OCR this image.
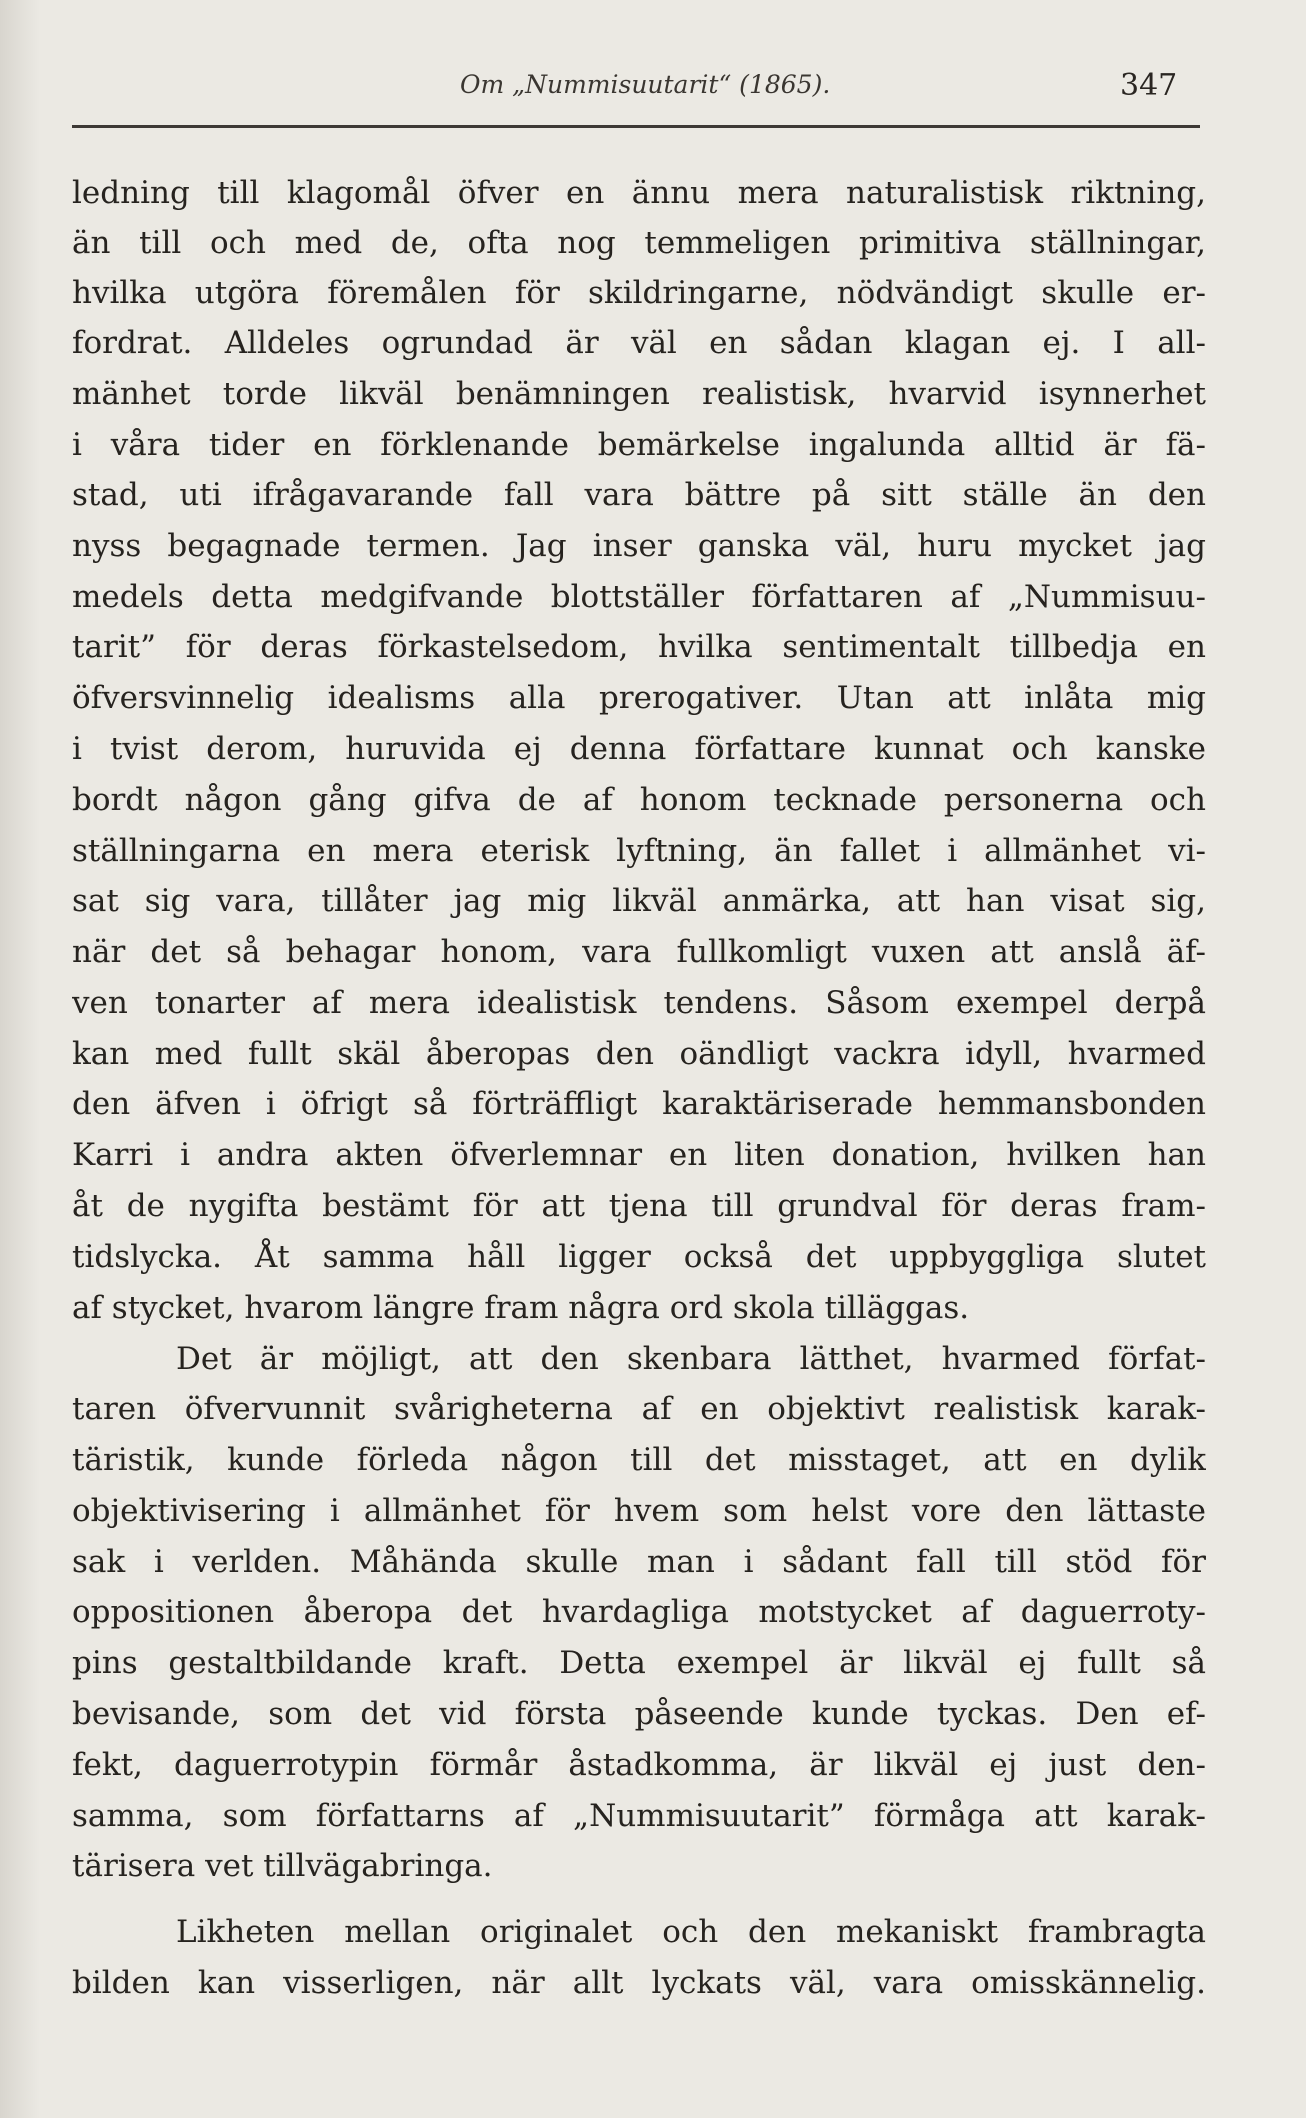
Om „Nummisuutarit“ (1865).	347
ledning till klagomål öfver en ännu mera naturalistisk riktning,
än till och med de, ofta nog temmeligen primitiva ställningar,
hvilka utgöra föremålen för skildringarne, nödvändigt skulle er-
fordrat. Alldeles ogrundad är väl en sådan klagan ej. I all-
mänhet torde likväl benämningen realistisk, hvarvid isynnerhet
i våra tider en förklenande bemärkelse ingalunda alltid är fä-
stad, uti ifrågavarande fall vara bättre på sitt ställe än den
nyss begagnade termen. Jag inser ganska väl, huru mycket jag
medels detta medgifvande blottställer författaren af „Nummisuu-
tarit” för deras förkastelsedom, hvilka sentimentalt tillbedja en
öfversvinnelig idealisms alla prerogativer. Utan att inlåta mig
i tvist derom, huruvida ej denna författare kunnat och kanske
bordt någon gång gifva de af honom tecknade personerna och
ställningarna en mera eterisk lyftning, än fallet i allmänhet vi-
sat sig vara, tillåter jag mig likväl anmärka, att han visat sig,
när det så behagar honom, vara fullkomligt vuxen att anslå äf-
ven tonarter af mera idealistisk tendens. Såsom exempel derpå
kan med fullt skäl åberopas den oändligt vackra idyll, hvarmed
den äfven i öfrigt så förträffligt karaktäriserade hemmansbonden
Karri i andra akten öfverlemnar en liten donation, hvilken han
åt de nygifta bestämt för att tjena till grundval för deras fram-
tidslycka. Åt samma håll ligger också det uppbyggliga slutet
af stycket, hvarom längre fram några ord skola tilläggas.
Det är möjligt, att den skenbara lätthet, hvarmed förfat-
taren öfvervunnit svårigheterna af en objektivt realistisk karak-
täristik, kunde förleda någon till det misstaget, att en dylik
objektivisering i allmänhet för hvem som helst vore den lättaste
sak i verlden. Måhända skulle man i sådant fall till stöd för
oppositionen åberopa det hvardagliga motstycket af daguerroty-
pins gestaltbildande kraft. Detta exempel är likväl ej fullt så
bevisande, som det vid första påseende kunde tyckas. Den ef-
fekt, daguerrotypin förmår åstadkomma, är likväl ej just den-
samma, som författarns af „Nummisuutarit” förmåga att karak-
tärisera vet tillvägabringa.
Likheten mellan originalet och den mekaniskt frambragta
bilden kan visserligen, när allt lyckats väl, vara omisskännelig.
